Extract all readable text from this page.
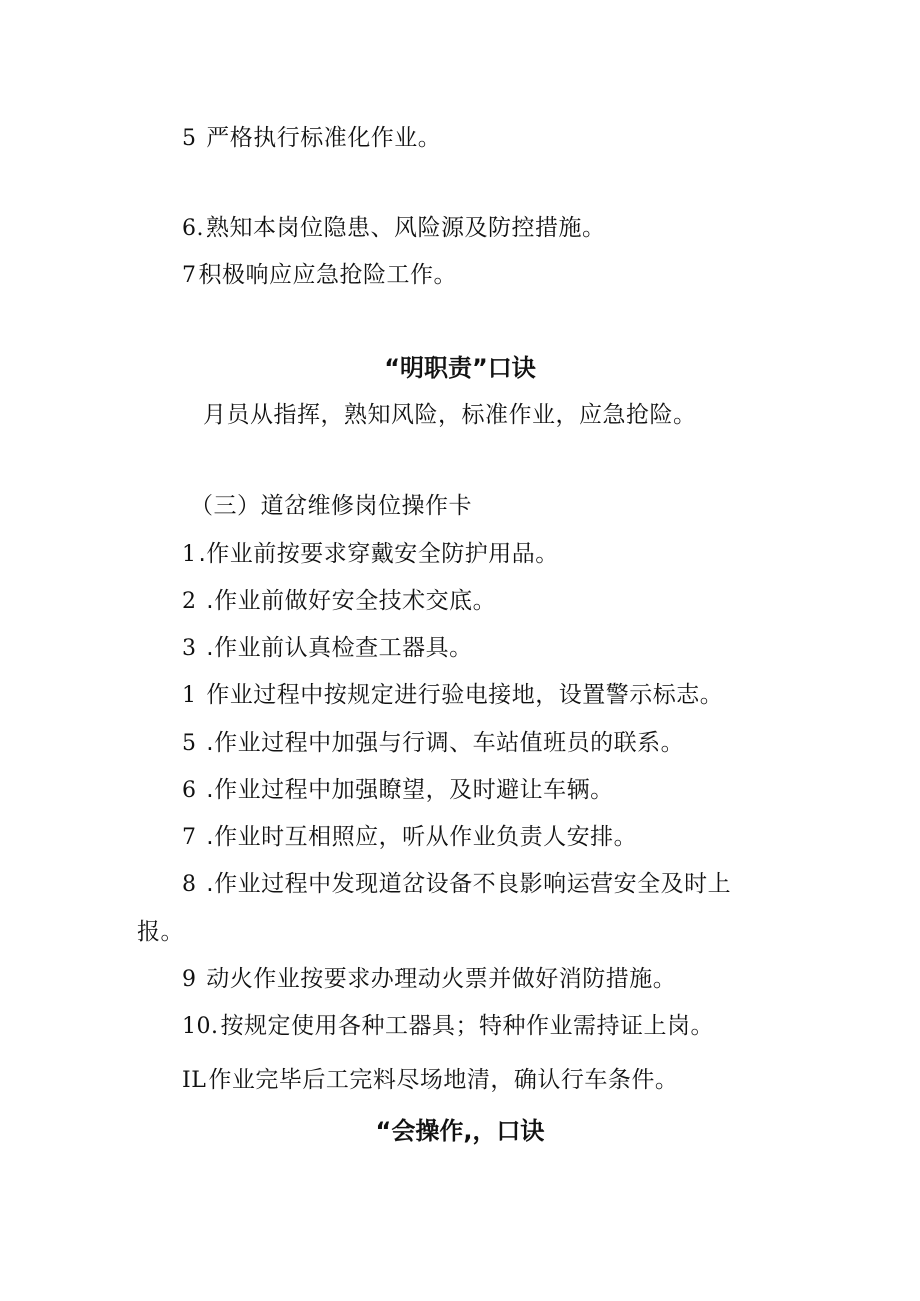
5 严格执行标准化作业。
6.熟知本岗位隐患、风险源及防控措施。
7积极响应应急抢险工作。
“明职责”口诀
月员从指挥，熟知风险，标准作业，应急抢险。
（三）道岔维修岗位操作卡
1.作业前按要求穿戴安全防护用品。
2 .作业前做好安全技术交底。
3 .作业前认真检查工器具。
1 作业过程中按规定进行验电接地，设置警示标志。
5 .作业过程中加强与行调、车站值班员的联系。
6 .作业过程中加强瞭望，及时避让车辆。
7 .作业时互相照应，听从作业负责人安排。
8 .作业过程中发现道岔设备不良影响运营安全及时上
报。
9 动火作业按要求办理动火票并做好消防措施。
10.按规定使用各种工器具；特种作业需持证上岗。
IL作业完毕后工完料尽场地清，确认行车条件。
“会操作,，口诀
